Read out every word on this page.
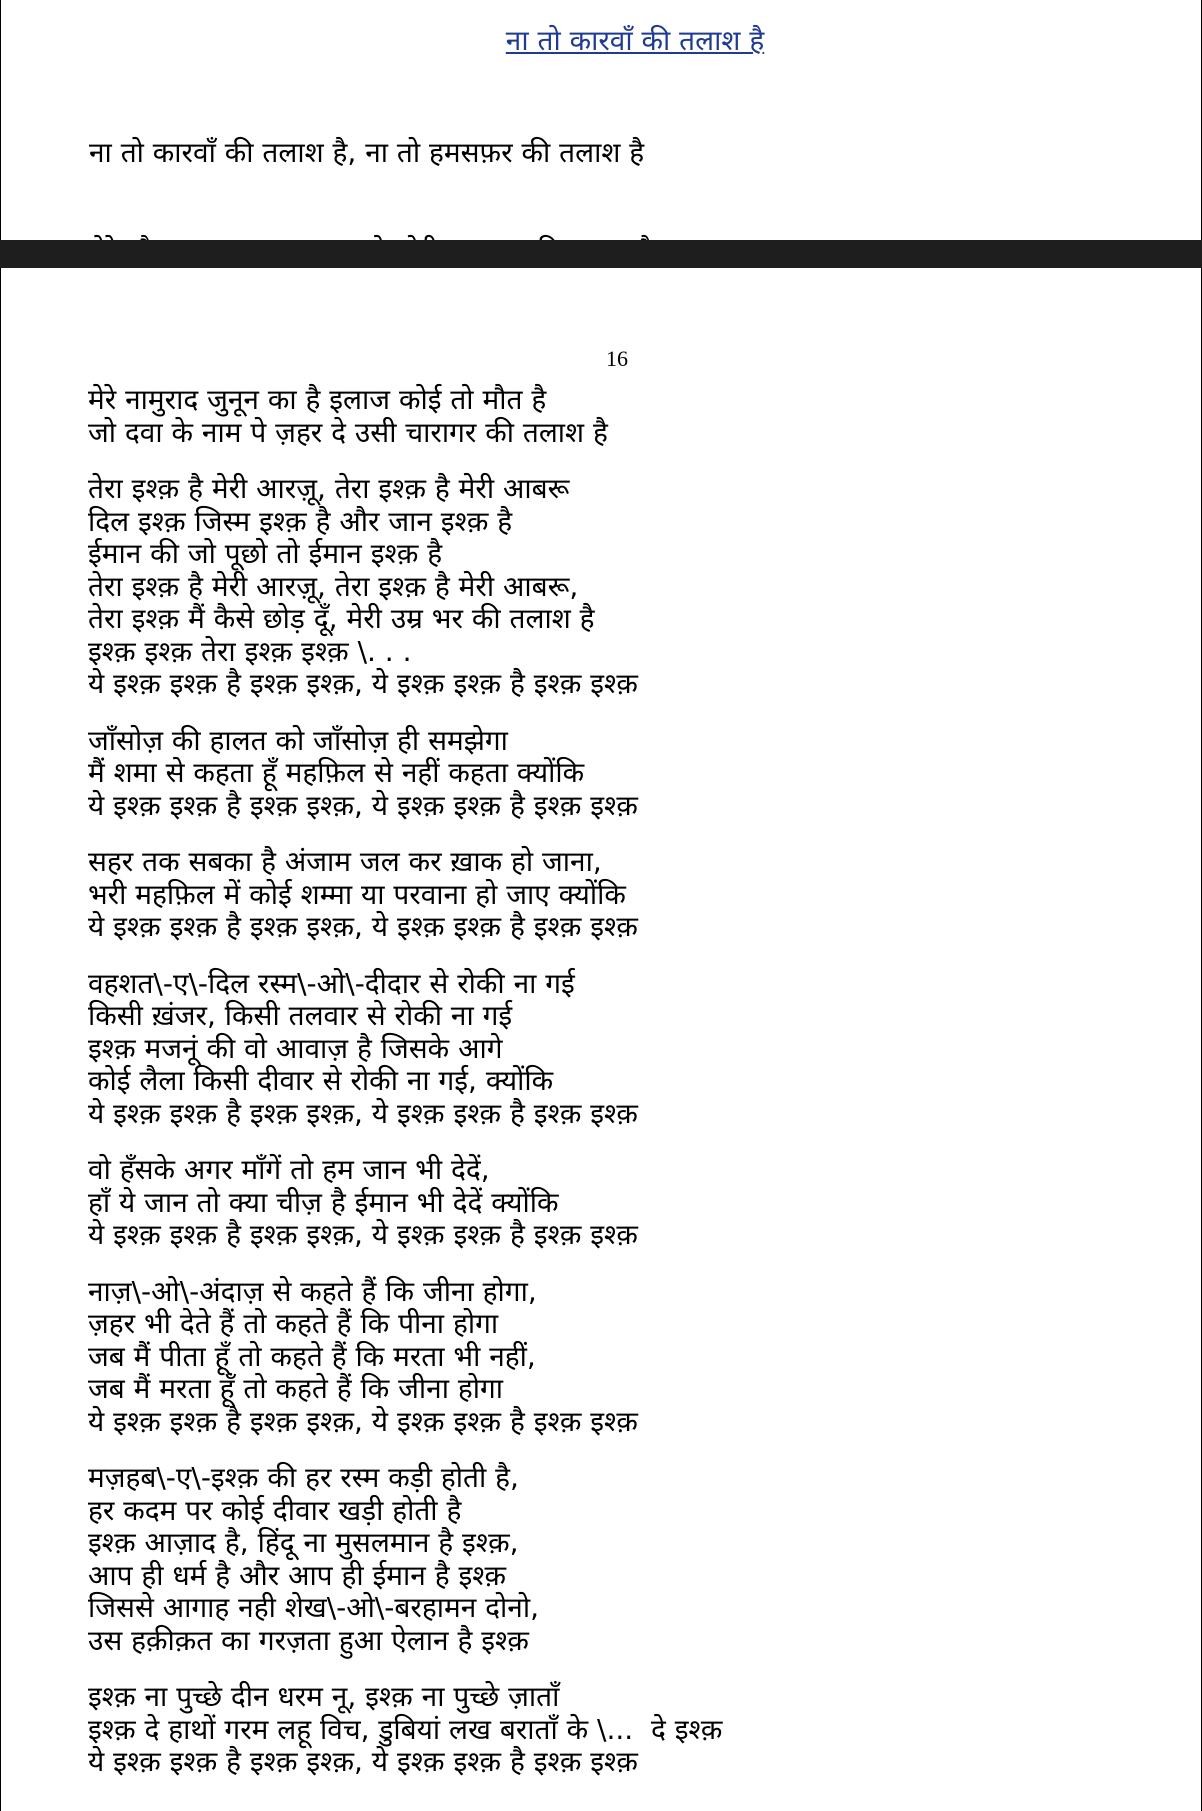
ना तो कारवाँ की तलाश है

ना तो कारवाँ की तलाश है, ना तो हमसफ़र की तलाश है

16
मेरे नामुराद जुनून का है इलाज कोई तो मौत है
जो दवा के नाम पे ज़हर दे उसी चारागर की तलाश है
तेरा इश्क़ है मेरी आरज़ू, तेरा इश्क़ है मेरी आबरू
दिल इश्क़ जिस्म इश्क़ है और जान इश्क़ है
ईमान की जो पूछो तो ईमान इश्क़ है
तेरा इश्क़ है मेरी आरज़ू, तेरा इश्क़ है मेरी आबरू,
तेरा इश्क़ मैं कैसे छोड़ दूँ, मेरी उम्र भर की तलाश है
इश्क़ इश्क़ तेरा इश्क़ इश्क़ \. . .
ये इश्क़ इश्क़ है इश्क़ इश्क़, ये इश्क़ इश्क़ है इश्क़ इश्क़
जाँसोज़ की हालत को जाँसोज़ ही समझेगा
मैं शमा से कहता हूँ महफ़िल से नहीं कहता क्योंकि
ये इश्क़ इश्क़ है इश्क़ इश्क़, ये इश्क़ इश्क़ है इश्क़ इश्क़
सहर तक सबका है अंजाम जल कर ख़ाक हो जाना,
भरी महफ़िल में कोई शम्मा या परवाना हो जाए क्योंकि
ये इश्क़ इश्क़ है इश्क़ इश्क़, ये इश्क़ इश्क़ है इश्क़ इश्क़
वहशत\-ए\-दिल रस्म\-ओ\-दीदार से रोकी ना गई
किसी ख़ंजर, किसी तलवार से रोकी ना गई
इश्क़ मजनूं की वो आवाज़ है जिसके आगे
कोई लैला किसी दीवार से रोकी ना गई, क्योंकि
ये इश्क़ इश्क़ है इश्क़ इश्क़, ये इश्क़ इश्क़ है इश्क़ इश्क़
वो हँसके अगर माँगें तो हम जान भी देदें,
हाँ ये जान तो क्या चीज़ है ईमान भी देदें क्योंकि
ये इश्क़ इश्क़ है इश्क़ इश्क़, ये इश्क़ इश्क़ है इश्क़ इश्क़
नाज़\-ओ\-अंदाज़ से कहते हैं कि जीना होगा,
ज़हर भी देते हैं तो कहते हैं कि पीना होगा
जब मैं पीता हूँ तो कहते हैं कि मरता भी नहीं,
जब मैं मरता हूँ तो कहते हैं कि जीना होगा
ये इश्क़ इश्क़ है इश्क़ इश्क़, ये इश्क़ इश्क़ है इश्क़ इश्क़
मज़हब\-ए\-इश्क़ की हर रस्म कड़ी होती है,
हर कदम पर कोई दीवार खड़ी होती है
इश्क़ आज़ाद है, हिंदू ना मुसलमान है इश्क़,
आप ही धर्म है और आप ही ईमान है इश्क़
जिससे आगाह नही शेख\-ओ\-बरहामन दोनो,
उस हक़ीक़त का गरज़ता हुआ ऐलान है इश्क़
इश्क़ ना पुच्छे दीन धरम नू, इश्क़ ना पुच्छे ज़ाताँ
इश्क़ दे हाथों गरम लहू विच, डुबियां लख बराताँ के \...  दे इश्क़
ये इश्क़ इश्क़ है इश्क़ इश्क़, ये इश्क़ इश्क़ है इश्क़ इश्क़
